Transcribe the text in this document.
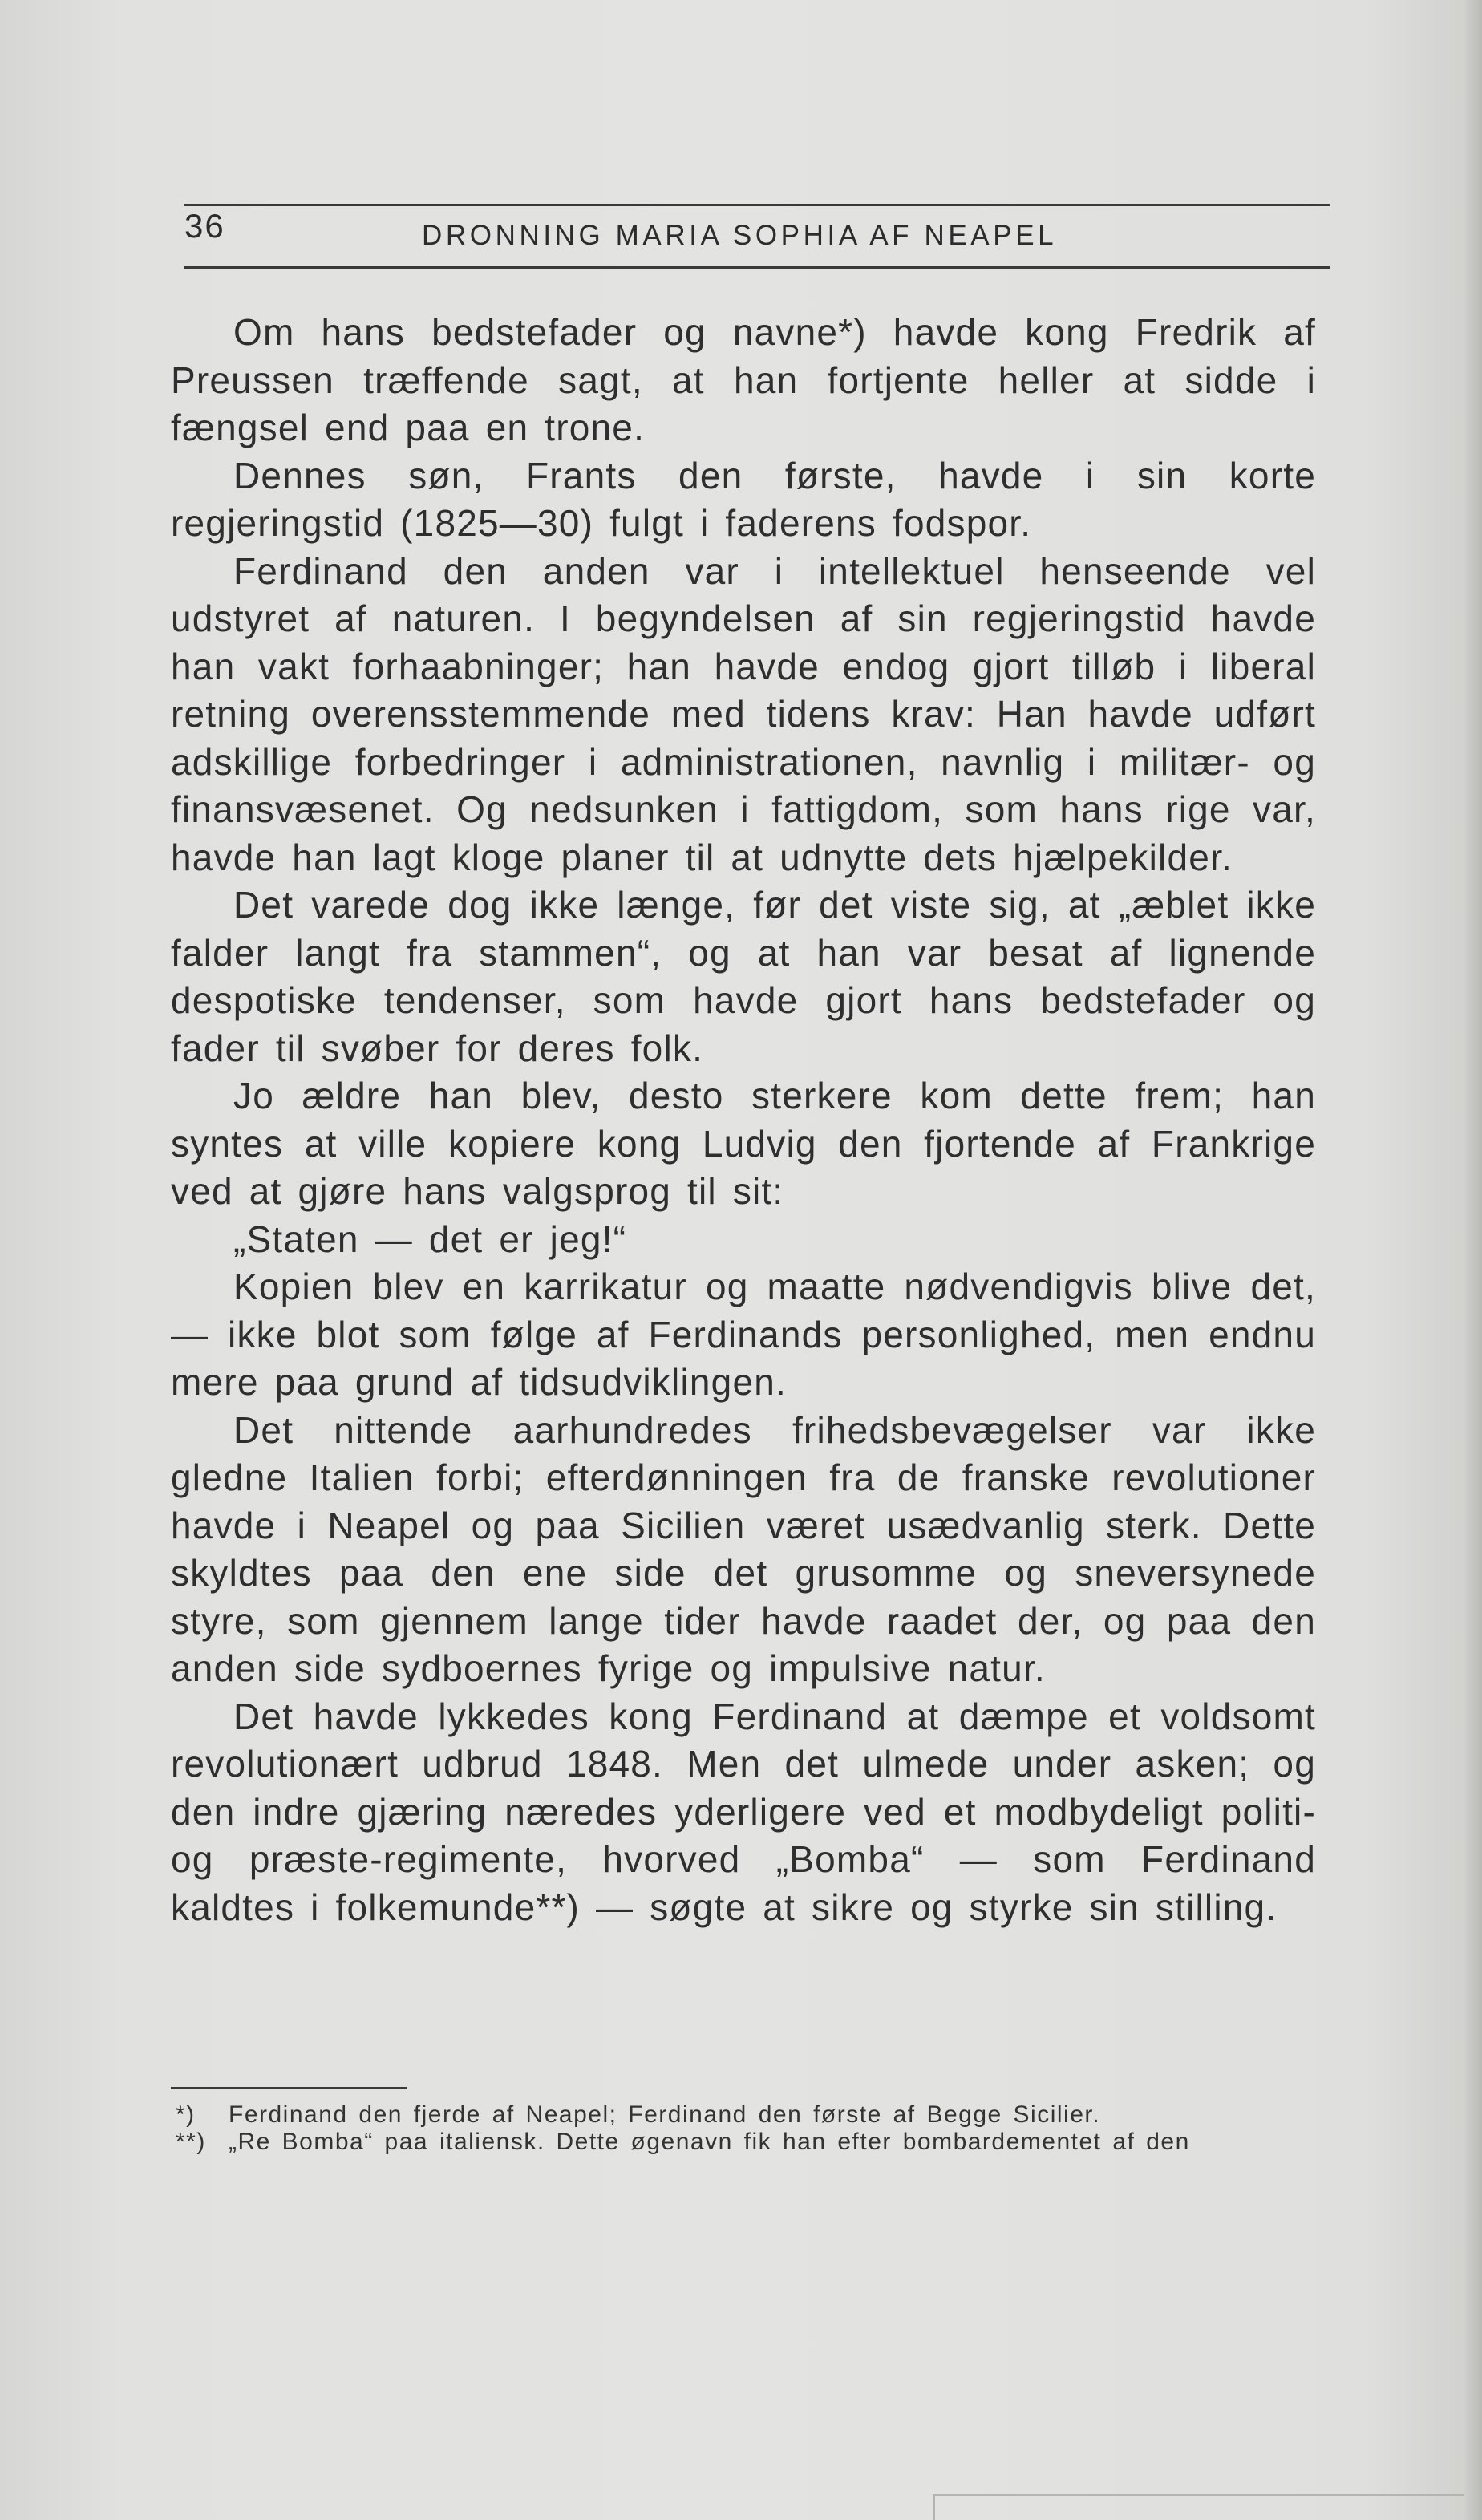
36	DRONNING MARIA SOPHIA AF NEAPEL

Om hans bedstefader og navne*) havde kong Fredrik af Preussen træffende sagt, at han fortjente heller at sidde i fængsel end paa en trone.

Dennes søn, Frants den første, havde i sin korte regjeringstid (1825—30) fulgt i faderens fodspor.

Ferdinand den anden var i intellektuel henseende vel udstyret af naturen. I begyndelsen af sin regjeringstid havde han vakt forhaabninger; han havde endog gjort tilløb i liberal retning overensstemmende med tidens krav: Han havde udført adskillige forbedringer i administrationen, navnlig i militær- og finansvæsenet. Og nedsunken i fattigdom, som hans rige var, havde han lagt kloge planer til at udnytte dets hjælpekilder.

Det varede dog ikke længe, før det viste sig, at „æblet ikke falder langt fra stammen“, og at han var besat af lignende despotiske tendenser, som havde gjort hans bedstefader og fader til svøber for deres folk.

Jo ældre han blev, desto sterkere kom dette frem; han syntes at ville kopiere kong Ludvig den fjortende af Frankrige ved at gjøre hans valgsprog til sit:

„Staten — det er jeg!“

Kopien blev en karrikatur og maatte nødvendigvis blive det, — ikke blot som følge af Ferdinands personlighed, men endnu mere paa grund af tidsudviklingen.

Det nittende aarhundredes frihedsbevægelser var ikke gledne Italien forbi; efterdønningen fra de franske revolutioner havde i Neapel og paa Sicilien været usædvanlig sterk. Dette skyldtes paa den ene side det grusomme og sneversynede styre, som gjennem lange tider havde raadet der, og paa den anden side sydboernes fyrige og impulsive natur.

Det havde lykkedes kong Ferdinand at dæmpe et voldsomt revolutionært udbrud 1848. Men det ulmede under asken; og den indre gjæring næredes yderligere ved et modbydeligt politi- og præste-regimente, hvorved „Bomba“ — som Ferdinand kaldtes i folkemunde**) — søgte at sikre og styrke sin stilling.

*) Ferdinand den fjerde af Neapel; Ferdinand den første af Begge Sicilier.

**) „Re Bomba“ paa italiensk. Dette øgenavn fik han efter bombardementet af den
